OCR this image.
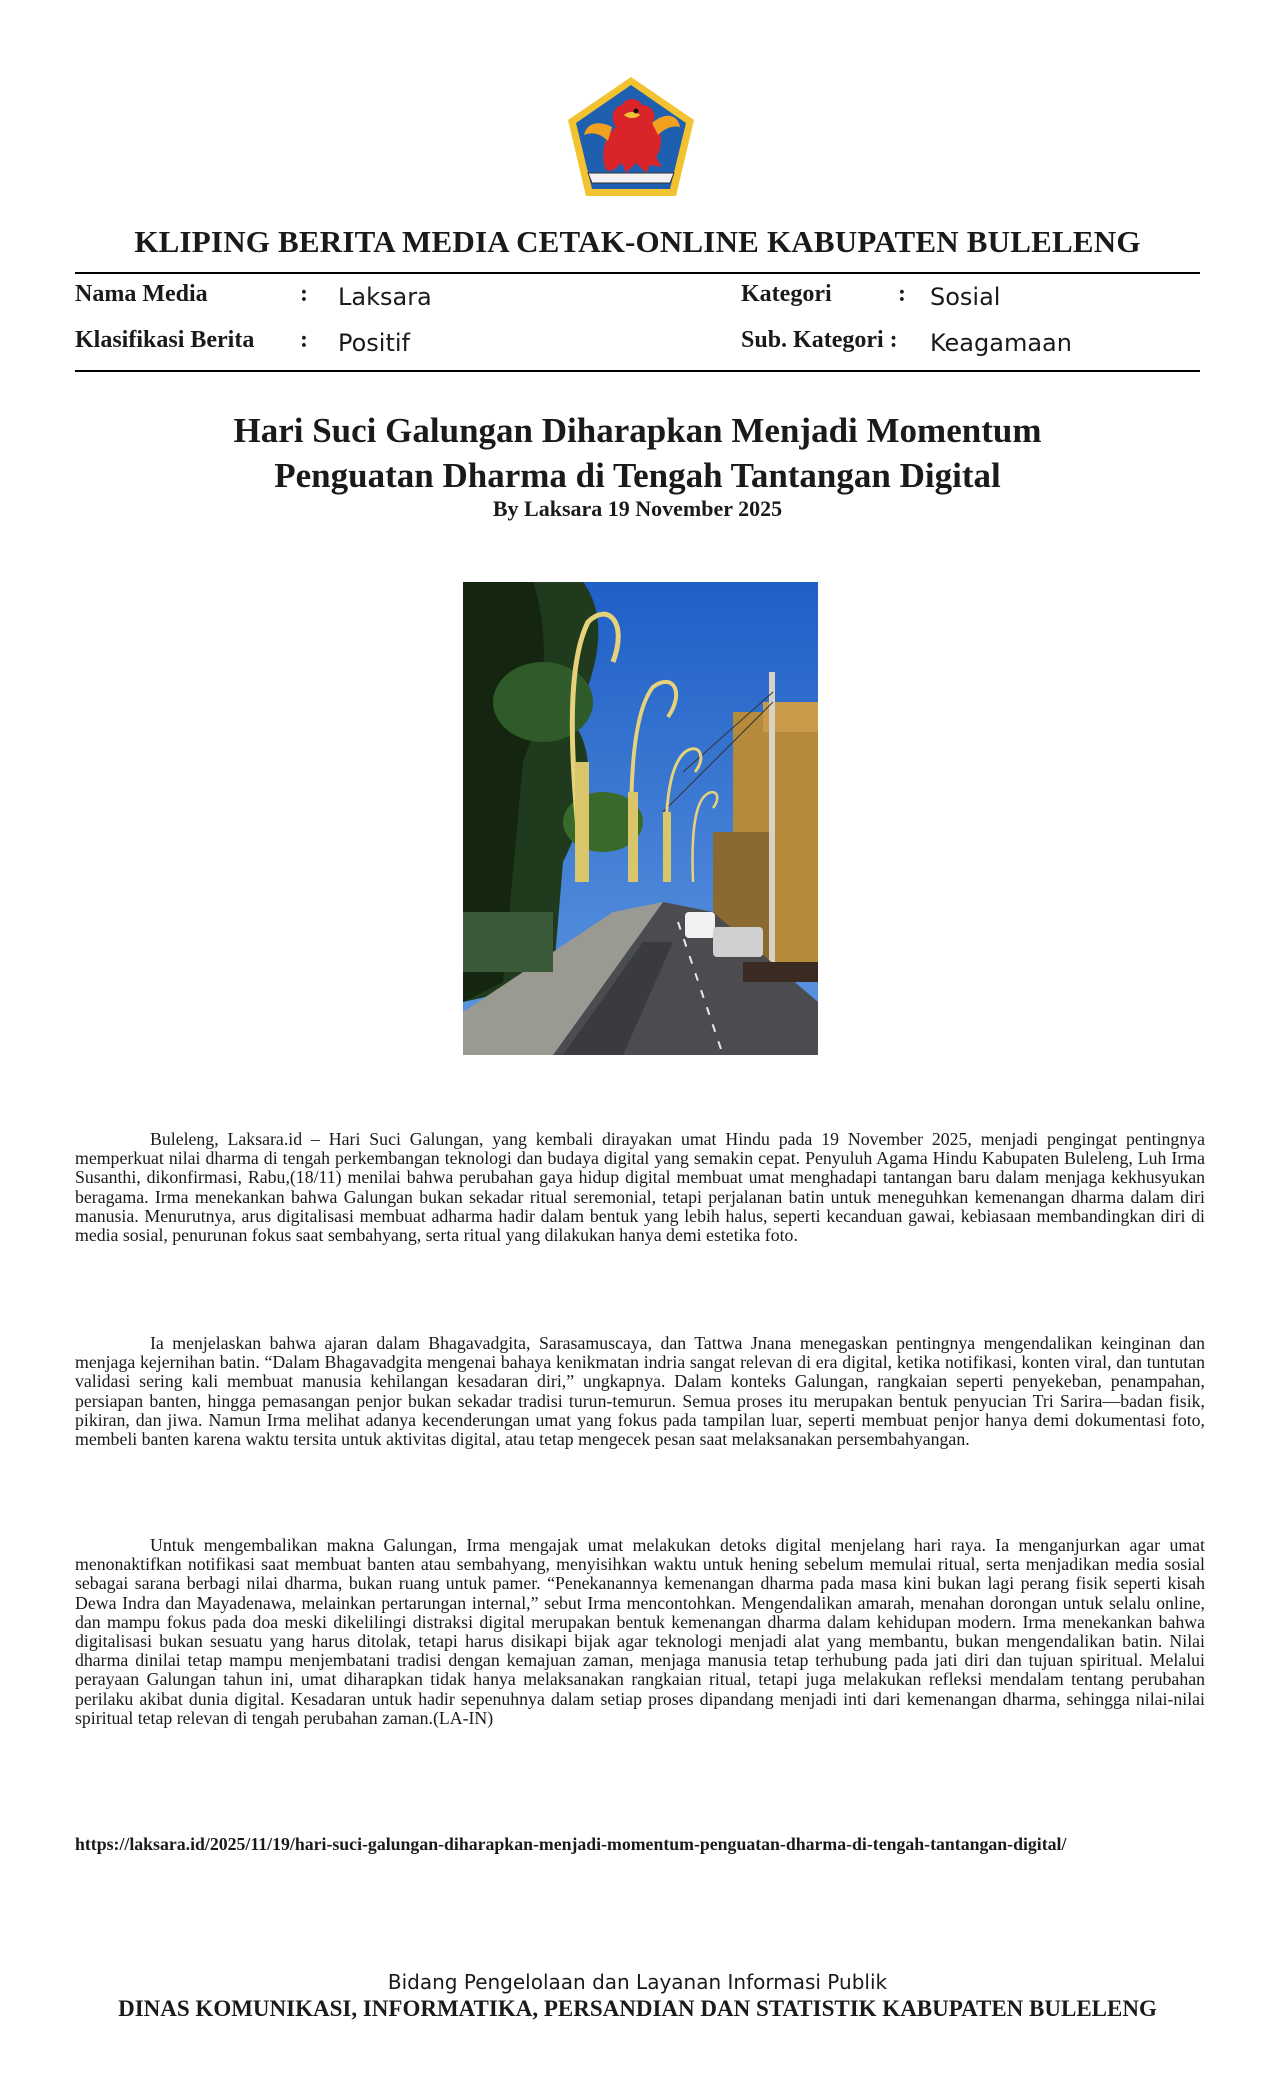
KLIPING BERITA MEDIA CETAK-ONLINE KABUPATEN BULELENG
Nama Media	: Laksara
Klasifikasi Berita : Positif
Kategori	: Sosial
Sub. Kategori : Keagamaan
Hari Suci Galungan Diharapkan Menjadi Momentum
Penguatan Dharma di Tengah Tantangan Digital
By Laksara 19 November 2025
Buleleng, Laksara.id – Hari Suci Galungan, yang kembali dirayakan umat Hindu pada 19 November 2025, menjadi pengingat pentingnya memperkuat nilai dharma di tengah perkembangan teknologi dan budaya digital yang semakin cepat. Penyuluh Agama Hindu Kabupaten Buleleng, Luh Irma Susanthi, dikonfirmasi, Rabu,(18/11) menilai bahwa perubahan gaya hidup digital membuat umat menghadapi tantangan baru dalam menjaga kekhusyukan beragama. Irma menekankan bahwa Galungan bukan sekadar ritual seremonial, tetapi perjalanan batin untuk meneguhkan kemenangan dharma dalam diri manusia. Menurutnya, arus digitalisasi membuat adharma hadir dalam bentuk yang lebih halus, seperti kecanduan gawai, kebiasaan membandingkan diri di media sosial, penurunan fokus saat sembahyang, serta ritual yang dilakukan hanya demi estetika foto.
Ia menjelaskan bahwa ajaran dalam Bhagavadgita, Sarasamuscaya, dan Tattwa Jnana menegaskan pentingnya mengendalikan keinginan dan menjaga kejernihan batin. “Dalam Bhagavadgita mengenai bahaya kenikmatan indria sangat relevan di era digital, ketika notifikasi, konten viral, dan tuntutan validasi sering kali membuat manusia kehilangan kesadaran diri,” ungkapnya. Dalam konteks Galungan, rangkaian seperti penyekeban, penampahan, persiapan banten, hingga pemasangan penjor bukan sekadar tradisi turun-temurun. Semua proses itu merupakan bentuk penyucian Tri Sarira—badan fisik, pikiran, dan jiwa. Namun Irma melihat adanya kecenderungan umat yang fokus pada tampilan luar, seperti membuat penjor hanya demi dokumentasi foto, membeli banten karena waktu tersita untuk aktivitas digital, atau tetap mengecek pesan saat melaksanakan persembahyangan.
Untuk mengembalikan makna Galungan, Irma mengajak umat melakukan detoks digital menjelang hari raya. Ia menganjurkan agar umat menonaktifkan notifikasi saat membuat banten atau sembahyang, menyisihkan waktu untuk hening sebelum memulai ritual, serta menjadikan media sosial sebagai sarana berbagi nilai dharma, bukan ruang untuk pamer. “Penekanannya kemenangan dharma pada masa kini bukan lagi perang fisik seperti kisah Dewa Indra dan Mayadenawa, melainkan pertarungan internal,” sebut Irma mencontohkan. Mengendalikan amarah, menahan dorongan untuk selalu online, dan mampu fokus pada doa meski dikelilingi distraksi digital merupakan bentuk kemenangan dharma dalam kehidupan modern. Irma menekankan bahwa digitalisasi bukan sesuatu yang harus ditolak, tetapi harus disikapi bijak agar teknologi menjadi alat yang membantu, bukan mengendalikan batin. Nilai dharma dinilai tetap mampu menjembatani tradisi dengan kemajuan zaman, menjaga manusia tetap terhubung pada jati diri dan tujuan spiritual. Melalui perayaan Galungan tahun ini, umat diharapkan tidak hanya melaksanakan rangkaian ritual, tetapi juga melakukan refleksi mendalam tentang perubahan perilaku akibat dunia digital. Kesadaran untuk hadir sepenuhnya dalam setiap proses dipandang menjadi inti dari kemenangan dharma, sehingga nilai-nilai spiritual tetap relevan di tengah perubahan zaman.(LA-IN)
https://laksara.id/2025/11/19/hari-suci-galungan-diharapkan-menjadi-momentum-penguatan-dharma-di-tengah-tantangan-digital/
Bidang Pengelolaan dan Layanan Informasi Publik
DINAS KOMUNIKASI, INFORMATIKA, PERSANDIAN DAN STATISTIK KABUPATEN BULELENG
